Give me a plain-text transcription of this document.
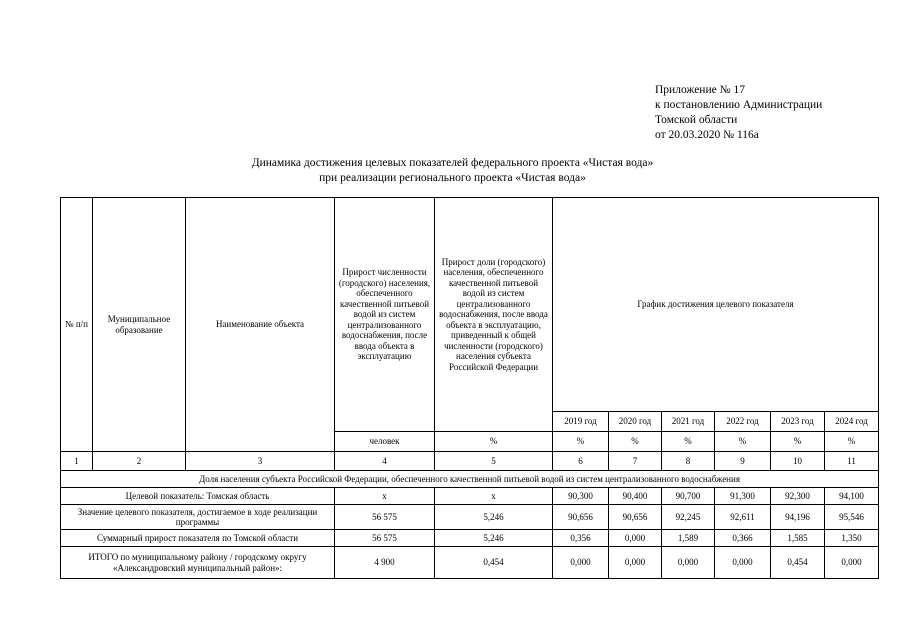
Приложение № 17
к постановлению Администрации
Томской области
от 20.03.2020 № 116а
Динамика достижения целевых показателей федерального проекта «Чистая вода»
при реализации регионального проекта «Чистая вода»
№ п/п	Муниципальное образование	Наименование объекта	Прирост численности (городского) населения, обеспеченного качественной питьевой водой из систем централизованного водоснабжения, после ввода объекта в эксплуатацию	Прирост доли (городского) населения, обеспеченного качественной питьевой водой из систем централизованного водоснабжения, после ввода объекта в эксплуатацию, приведенный к общей численности (городского) населения субъекта Российской Федерации	График достижения целевого показателя					
					2019 год	2020 год	2021 год	2022 год	2023 год	2024 год
			человек	%	%	%	%	%	%	%
1	2	3	4	5	6	7	8	9	10	11
Доля населения субъекта Российской Федерации, обеспеченного качественной питьевой водой из систем централизованного водоснабжения										
Целевой показатель: Томская область			x	x	90,300	90,400	90,700	91,300	92,300	94,100
Значение целевого показателя, достигаемое в ходе реализации программы			56 575	5,246	90,656	90,656	92,245	92,611	94,196	95,546
Суммарный прирост показателя по Томской области			56 575	5,246	0,356	0,000	1,589	0,366	1,585	1,350
ИТОГО по муниципальному району / городскому округу «Александровский муниципальный район»:			4 900	0,454	0,000	0,000	0,000	0,000	0,454	0,000
